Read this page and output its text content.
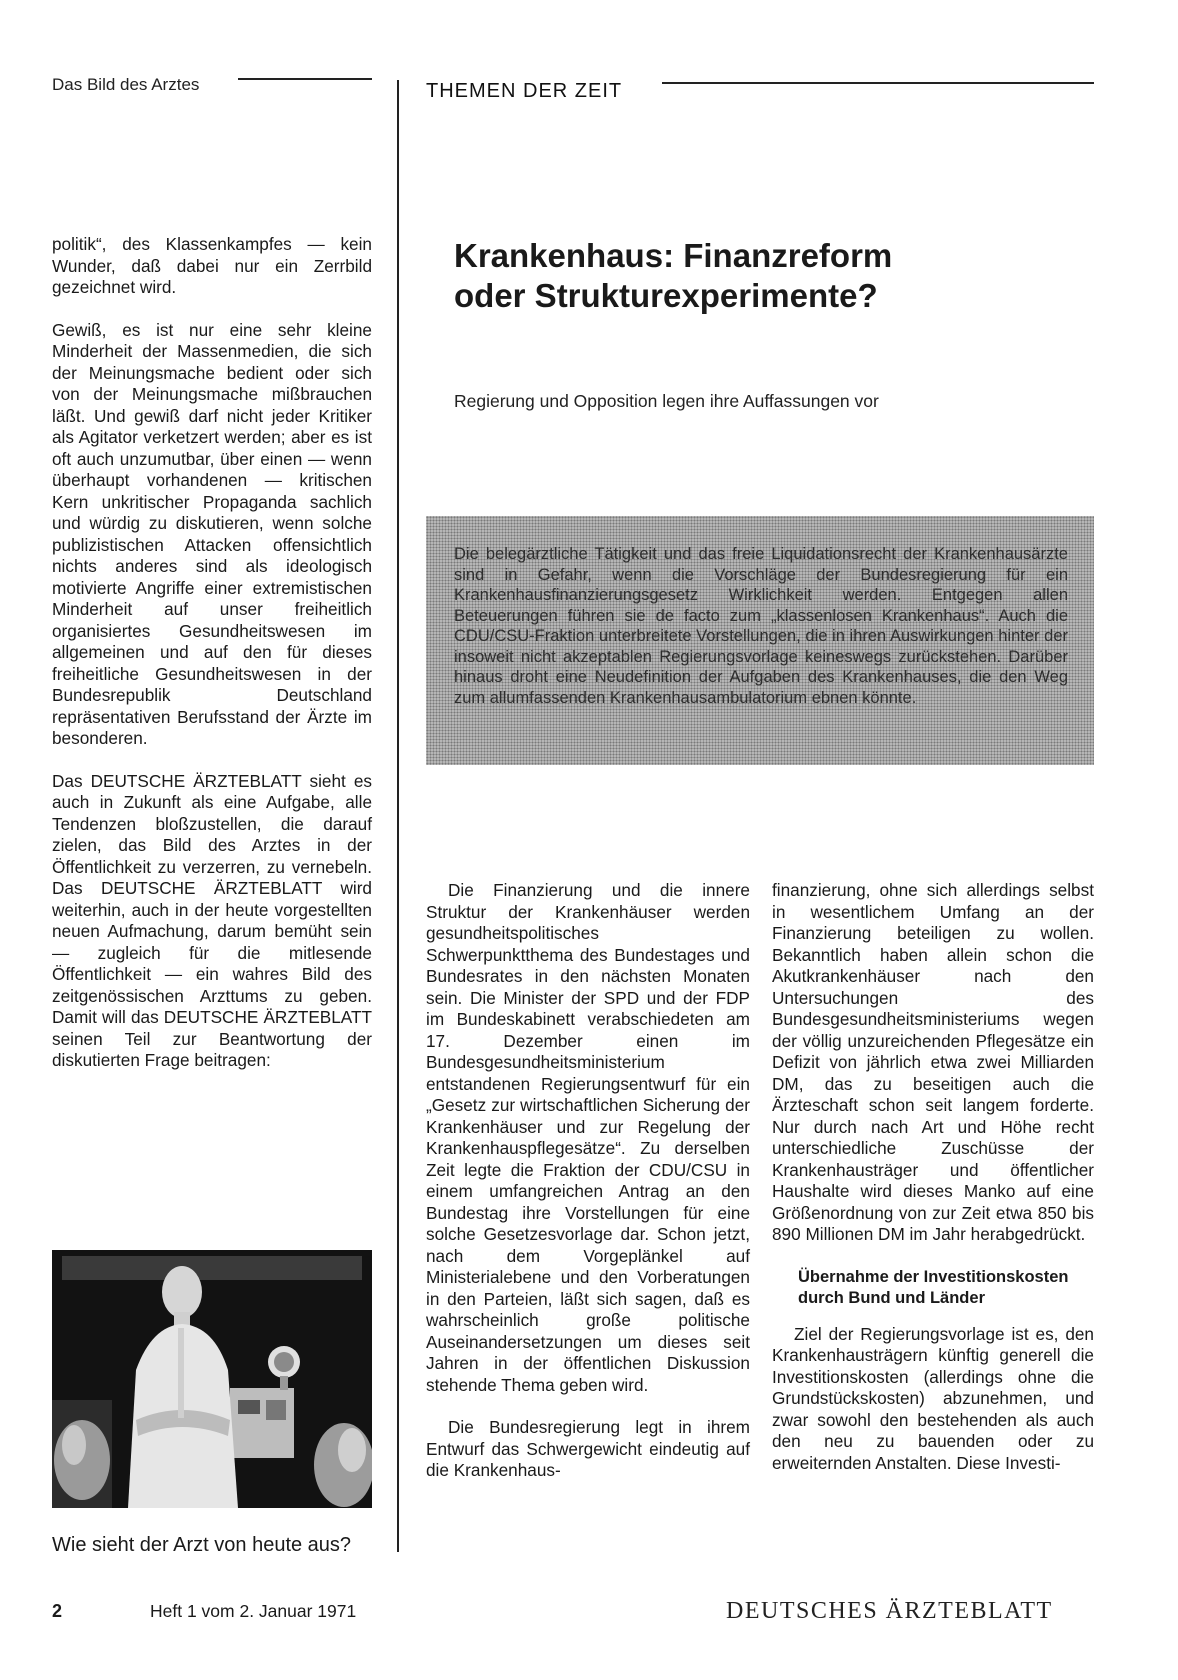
Das Bild des Arztes	THEMEN DER ZEIT

politik“, des Klassenkampfes — kein Wunder, daß dabei nur ein Zerrbild gezeichnet wird.

Gewiß, es ist nur eine sehr kleine Minderheit der Massenmedien, die sich der Meinungsmache bedient oder sich von der Meinungsmache mißbrauchen läßt. Und gewiß darf nicht jeder Kritiker als Agitator verketzert werden; aber es ist oft auch unzumutbar, über einen — wenn überhaupt vorhandenen — kritischen Kern unkritischer Propaganda sachlich und würdig zu diskutieren, wenn solche publizistischen Attacken offensichtlich nichts anderes sind als ideologisch motivierte Angriffe einer extremistischen Minderheit auf unser freiheitlich organisiertes Gesundheitswesen im allgemeinen und auf den für dieses freiheitliche Gesundheitswesen in der Bundesrepublik Deutschland repräsentativen Berufsstand der Ärzte im besonderen.

Das DEUTSCHE ÄRZTEBLATT sieht es auch in Zukunft als eine Aufgabe, alle Tendenzen bloßzustellen, die darauf zielen, das Bild des Arztes in der Öffentlichkeit zu verzerren, zu vernebeln. Das DEUTSCHE ÄRZTEBLATT wird weiterhin, auch in der heute vorgestellten neuen Aufmachung, darum bemüht sein — zugleich für die mitlesende Öffentlichkeit — ein wahres Bild des zeitgenössischen Arzttums zu geben. Damit will das DEUTSCHE ÄRZTEBLATT seinen Teil zur Beantwortung der diskutierten Frage beitragen:

Wie sieht der Arzt von heute aus?
Krankenhaus: Finanzreform
oder Strukturexperimente?
Regierung und Opposition legen ihre Auffassungen vor
Die belegärztliche Tätigkeit und das freie Liquidationsrecht der Krankenhausärzte sind in Gefahr, wenn die Vorschläge der Bundesregierung für ein Krankenhausfinanzierungsgesetz Wirklichkeit werden. Entgegen allen Beteuerungen führen sie de facto zum „klassenlosen Krankenhaus“. Auch die CDU/CSU-Fraktion unterbreitete Vorstellungen, die in ihren Auswirkungen hinter der insoweit nicht akzeptablen Regierungsvorlage keineswegs zurückstehen. Darüber hinaus droht eine Neudefinition der Aufgaben des Krankenhauses, die den Weg zum allumfassenden Krankenhausambulatorium ebnen könnte.

Die Finanzierung und die innere Struktur der Krankenhäuser werden gesundheitspolitisches Schwerpunktthema des Bundestages und Bundesrates in den nächsten Monaten sein. Die Minister der SPD und der FDP im Bundeskabinett verabschiedeten am 17. Dezember einen im Bundesgesundheitsministerium entstandenen Regierungsentwurf für ein „Gesetz zur wirtschaftlichen Sicherung der Krankenhäuser und zur Regelung der Krankenhauspflegesätze“. Zu derselben Zeit legte die Fraktion der CDU/CSU in einem umfangreichen Antrag an den Bundestag ihre Vorstellungen für eine solche Gesetzesvorlage dar. Schon jetzt, nach dem Vorgeplänkel auf Ministerialebene und den Vorberatungen in den Parteien, läßt sich sagen, daß es wahrscheinlich große politische Auseinandersetzungen um dieses seit Jahren in der öffentlichen Diskussion stehende Thema geben wird.

Die Bundesregierung legt in ihrem Entwurf das Schwergewicht eindeutig auf die Krankenhaus-

finanzierung, ohne sich allerdings selbst in wesentlichem Umfang an der Finanzierung beteiligen zu wollen. Bekanntlich haben allein schon die Akutkrankenhäuser nach den Untersuchungen des Bundesgesundheitsministeriums wegen der völlig unzureichenden Pflegesätze ein Defizit von jährlich etwa zwei Milliarden DM, das zu beseitigen auch die Ärzteschaft schon seit langem forderte. Nur durch nach Art und Höhe recht unterschiedliche Zuschüsse der Krankenhausträger und öffentlicher Haushalte wird dieses Manko auf eine Größenordnung von zur Zeit etwa 850 bis 890 Millionen DM im Jahr herabgedrückt.

Übernahme der Investitionskosten durch Bund und Länder

Ziel der Regierungsvorlage ist es, den Krankenhausträgern künftig generell die Investitionskosten (allerdings ohne die Grundstückskosten) abzunehmen, und zwar sowohl den bestehenden als auch den neu zu bauenden oder zu erweiternden Anstalten. Diese Investi-

2	Heft 1 vom 2. Januar 1971	DEUTSCHES ÄRZTEBLATT
